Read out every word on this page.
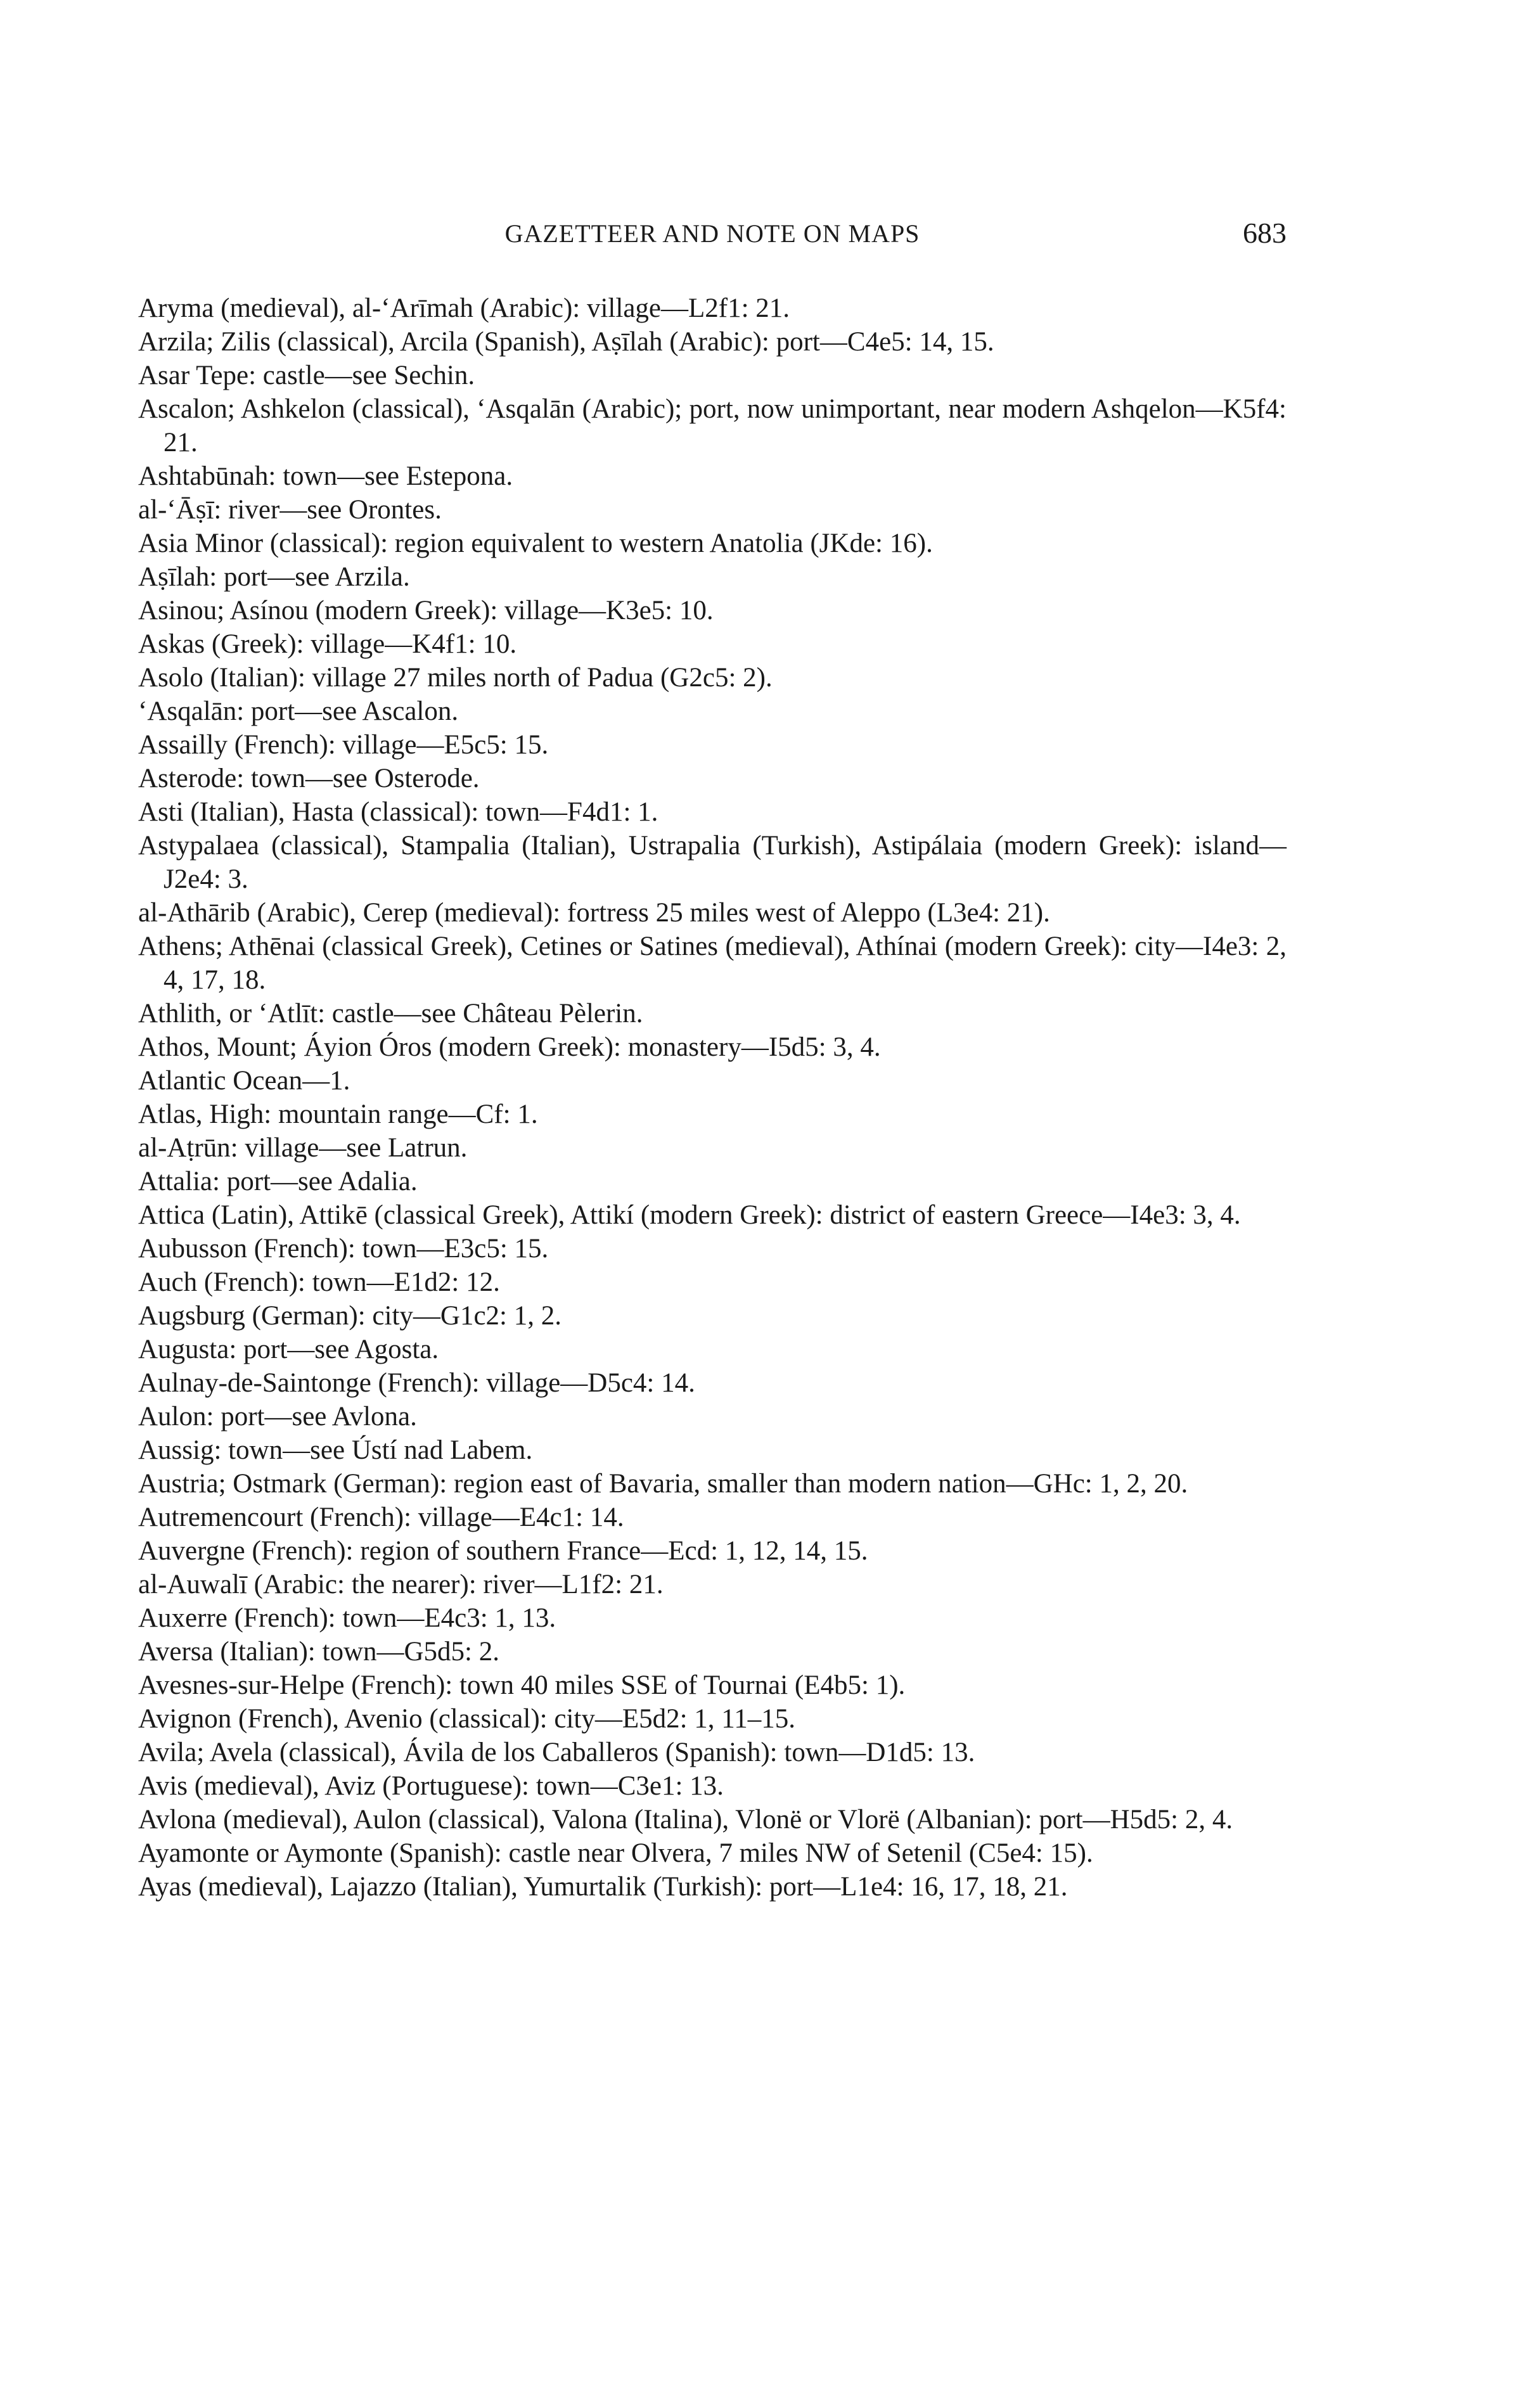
GAZETTEER AND NOTE ON MAPS	683
Aryma (medieval), al-‘Arīmah (Arabic): village—L2f1: 21.
Arzila; Zilis (classical), Arcila (Spanish), Aṣīlah (Arabic): port—C4e5: 14, 15.
Asar Tepe: castle—see Sechin.
Ascalon; Ashkelon (classical), ‘Asqalān (Arabic); port, now unimportant, near modern Ashqelon—K5f4: 21.
Ashtabūnah: town—see Estepona.
al-‘Āṣī: river—see Orontes.
Asia Minor (classical): region equivalent to western Anatolia (JKde: 16).
Aṣīlah: port—see Arzila.
Asinou; Asínou (modern Greek): village—K3e5: 10.
Askas (Greek): village—K4f1: 10.
Asolo (Italian): village 27 miles north of Padua (G2c5: 2).
‘Asqalān: port—see Ascalon.
Assailly (French): village—E5c5: 15.
Asterode: town—see Osterode.
Asti (Italian), Hasta (classical): town—F4d1: 1.
Astypalaea (classical), Stampalia (Italian), Ustrapalia (Turkish), Astipálaia (modern Greek): island—J2e4: 3.
al-Athārib (Arabic), Cerep (medieval): fortress 25 miles west of Aleppo (L3e4: 21).
Athens; Athēnai (classical Greek), Cetines or Satines (medieval), Athínai (modern Greek): city—I4e3: 2, 4, 17, 18.
Athlith, or ‘Atlīt: castle—see Château Pèlerin.
Athos, Mount; Áyion Óros (modern Greek): monastery—I5d5: 3, 4.
Atlantic Ocean—1.
Atlas, High: mountain range—Cf: 1.
al-Aṭrūn: village—see Latrun.
Attalia: port—see Adalia.
Attica (Latin), Attikē (classical Greek), Attikí (modern Greek): district of eastern Greece—I4e3: 3, 4.
Aubusson (French): town—E3c5: 15.
Auch (French): town—E1d2: 12.
Augsburg (German): city—G1c2: 1, 2.
Augusta: port—see Agosta.
Aulnay-de-Saintonge (French): village—D5c4: 14.
Aulon: port—see Avlona.
Aussig: town—see Ústí nad Labem.
Austria; Ostmark (German): region east of Bavaria, smaller than modern nation—GHc: 1, 2, 20.
Autremencourt (French): village—E4c1: 14.
Auvergne (French): region of southern France—Ecd: 1, 12, 14, 15.
al-Auwalī (Arabic: the nearer): river—L1f2: 21.
Auxerre (French): town—E4c3: 1, 13.
Aversa (Italian): town—G5d5: 2.
Avesnes-sur-Helpe (French): town 40 miles SSE of Tournai (E4b5: 1).
Avignon (French), Avenio (classical): city—E5d2: 1, 11–15.
Avila; Avela (classical), Ávila de los Caballeros (Spanish): town—D1d5: 13.
Avis (medieval), Aviz (Portuguese): town—C3e1: 13.
Avlona (medieval), Aulon (classical), Valona (Italina), Vlonë or Vlorë (Albanian): port—H5d5: 2, 4.
Ayamonte or Aymonte (Spanish): castle near Olvera, 7 miles NW of Setenil (C5e4: 15).
Ayas (medieval), Lajazzo (Italian), Yumurtalik (Turkish): port—L1e4: 16, 17, 18, 21.
